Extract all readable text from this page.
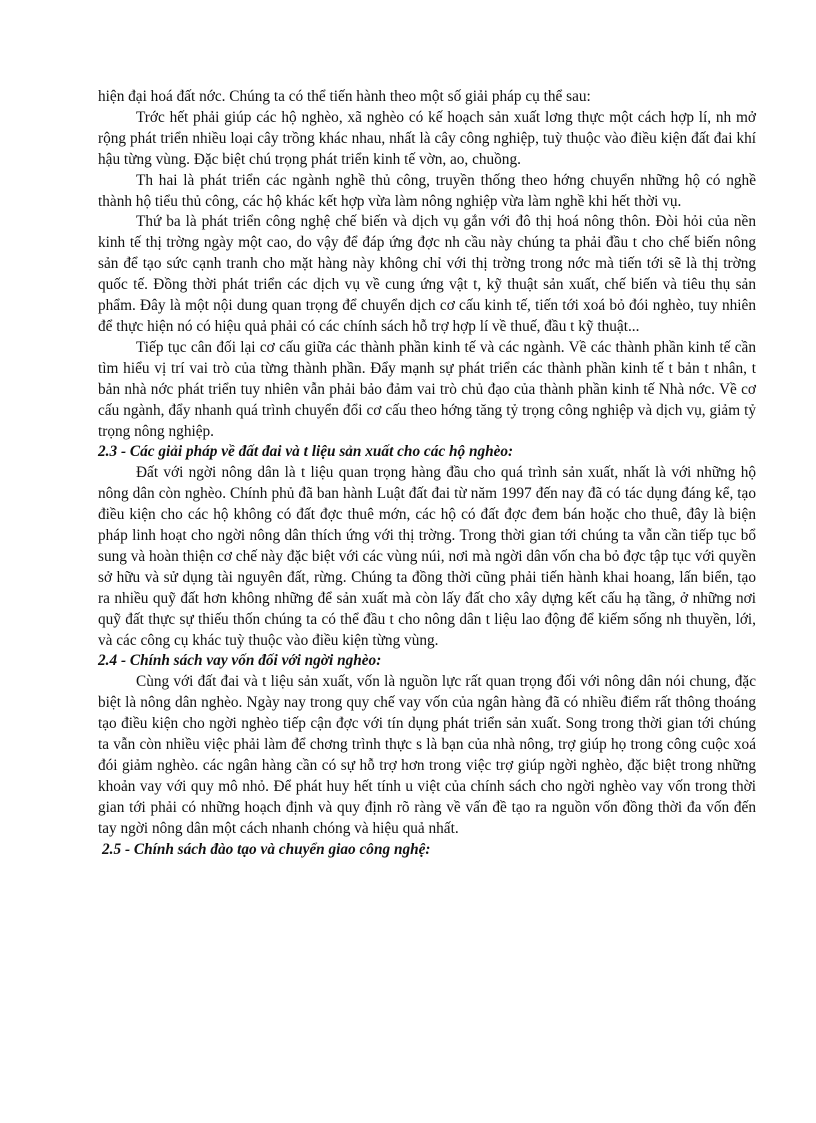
hiện đại hoá đất nớc. Chúng ta có thể tiến hành theo một số giải pháp cụ thể sau:

Trớc hết phải giúp các hộ nghèo, xã nghèo có kế hoạch sản xuất lơng thực một cách hợp lí, nh mở rộng phát triển nhiều loại cây trồng khác nhau, nhất là cây công nghiệp, tuỳ thuộc vào điều kiện đất đai khí hậu từng vùng. Đặc biệt chú trọng phát triển kinh tế vờn, ao, chuồng.

Th hai là phát triển các ngành nghề thủ công, truyền thống theo hớng chuyển những hộ có nghề thành hộ tiểu thủ công, các hộ khác kết hợp vừa làm nông nghiệp vừa làm nghề khi hết thời vụ.

Thứ ba là phát triển công nghệ chế biến và dịch vụ gắn với đô thị hoá nông thôn. Đòi hỏi của nền kinh tế thị trờng ngày một cao, do vậy để đáp ứng đợc nh cầu này chúng ta phải đầu t cho chế biến nông sản để tạo sức cạnh tranh cho mặt hàng này không chỉ với thị trờng trong nớc mà tiến tới sẽ là thị trờng quốc tế. Đồng thời phát triển các dịch vụ về cung ứng vật t, kỹ thuật sản xuất, chế biến và tiêu thụ sản phẩm. Đây là một nội dung quan trọng để chuyển dịch cơ cấu kinh tế, tiến tới xoá bỏ đói nghèo, tuy nhiên để thực hiện nó có hiệu quả phải có các chính sách hỗ trợ hợp lí về thuế, đầu t kỹ thuật...

Tiếp tục cân đối lại cơ cấu giữa các thành phần kinh tế và các ngành. Về các thành phần kinh tế cần tìm hiểu vị trí vai trò của từng thành phần. Đẩy mạnh sự phát triển các thành phần kinh tế t bản t nhân, t bản nhà nớc phát triển tuy nhiên vẫn phải bảo đảm vai trò chủ đạo của thành phần kinh tế Nhà nớc. Về cơ cấu ngành, đẩy nhanh quá trình chuyển đổi cơ cấu theo hớng tăng tỷ trọng công nghiệp và dịch vụ, giảm tỷ trọng nông nghiệp.

2.3 - Các giải pháp về đất đai và t liệu sản xuất cho các hộ nghèo:

Đất với ngời nông dân là t liệu quan trọng hàng đầu cho quá trình sản xuất, nhất là với những hộ nông dân còn nghèo. Chính phủ đã ban hành Luật đất đai từ năm 1997 đến nay đã có tác dụng đáng kể, tạo điều kiện cho các hộ không có đất đợc thuê mớn, các hộ có đất đợc đem bán hoặc cho thuê, đây là biện pháp linh hoạt cho ngời nông dân thích ứng với thị trờng. Trong thời gian tới chúng ta vẫn cần tiếp tục bổ sung và hoàn thiện cơ chế này đặc biệt với các vùng núi, nơi mà ngời dân vốn cha bỏ đợc tập tục với quyền sở hữu và sử dụng tài nguyên đất, rừng. Chúng ta đồng thời cũng phải tiến hành khai hoang, lấn biển, tạo ra nhiều quỹ đất hơn không những để sản xuất mà còn lấy đất cho xây dựng kết cấu hạ tầng, ở những nơi quỹ đất thực sự thiếu thốn chúng ta có thể đầu t cho nông dân t liệu lao động để kiếm sống nh thuyền, lới, và các công cụ khác tuỳ thuộc vào điều kiện từng vùng.

2.4 - Chính sách vay vốn đối với ngời nghèo:

Cùng với đất đai và t liệu sản xuất, vốn là nguồn lực rất quan trọng đối với nông dân nói chung, đặc biệt là nông dân nghèo. Ngày nay trong quy chế vay vốn của ngân hàng đã có nhiều điểm rất thông thoáng tạo điều kiện cho ngời nghèo tiếp cận đợc với tín dụng phát triển sản xuất. Song trong thời gian tới chúng ta vẫn còn nhiều việc phải làm để chơng trình thực s là bạn của nhà nông, trợ giúp họ trong công cuộc xoá đói giảm nghèo. các ngân hàng cần có sự hỗ trợ hơn trong việc trợ giúp ngời nghèo, đặc biệt trong những khoản vay với quy mô nhỏ. Để phát huy hết tính u việt của chính sách cho ngời nghèo vay vốn trong thời gian tới phải có những hoạch định và quy định rõ ràng về vấn đề tạo ra nguồn vốn đồng thời đa vốn đến tay ngời nông dân một cách nhanh chóng và hiệu quả nhất.

2.5 - Chính sách đào tạo và chuyển giao công nghệ:
